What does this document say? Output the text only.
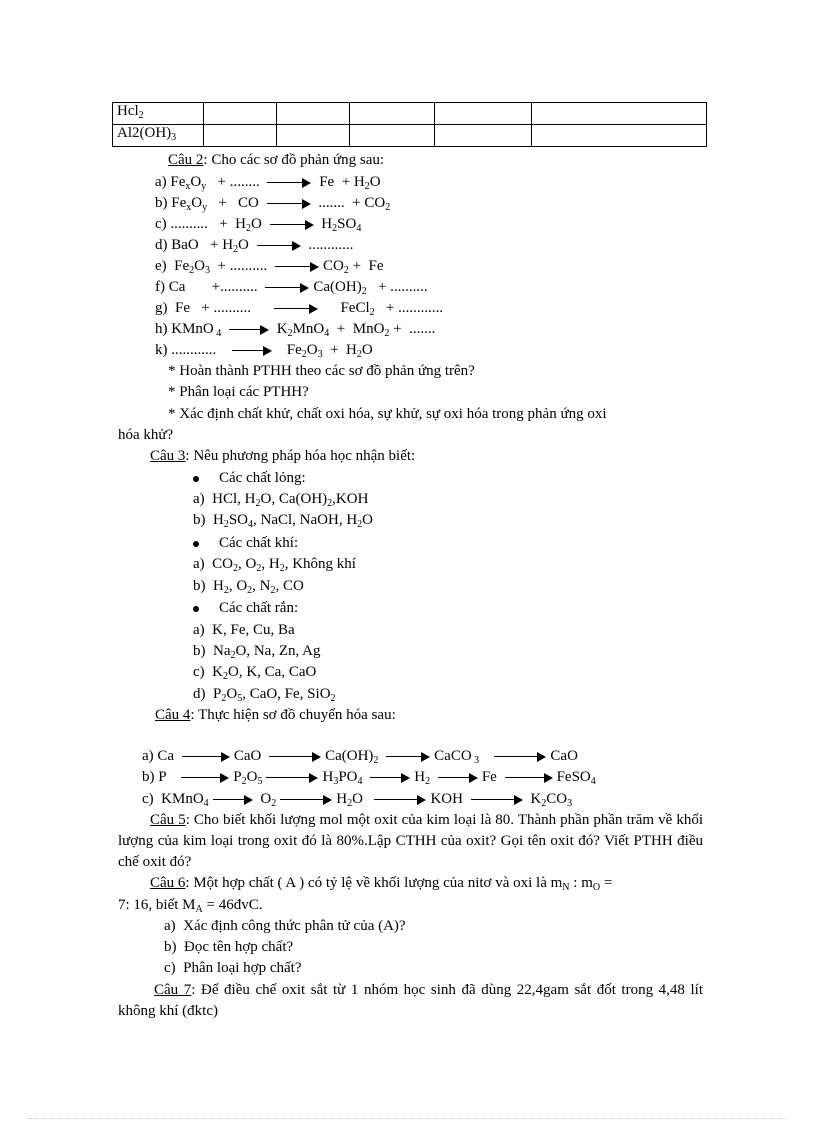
Hcl$_2$					
$Al2(OH)_3$					
Câu 2: Cho các sơ đồ phản ứng sau:
a) $Fe_xO_y$   + ........	$Fe + H_2O$
b) $Fe_xO_y$   +   CO	.......  + $CO_2$
c) ..........   +  $H_2O$	$H_2SO_4$
d) BaO   + $H_2O$	............
e)  $Fe_2O_3$  + ..........	$CO_2 + Fe$
f) Ca       +..........	$Ca(OH)_2$   + ..........
g)  Fe   + ..........	FeCl$_2$   + ............
h) KMnO $_4$	$K_2MnO_4 + MnO_2$ +  .......
k) ............	$Fe_2O_3 + H_2O$
* Hoàn thành PTHH theo các sơ đồ phản ứng trên?
* Phân loại các PTHH?
* Xác định chất khử, chất oxi hóa, sự khử, sự oxi hóa trong phản ứng oxi
hóa khử?
Câu 3: Nêu phương pháp hóa học nhận biết:
Các chất lỏng:
a)  HCl, $H_2O$, $Ca(OH)_2,KOH$
b)  $H_2SO_4$, NaCl, NaOH, $H_2O$
Các chất khí:
a)  $CO_2$, $O_2$, $H_2$, Không khí
b)  $H_2$, $O_2$, $N_2$, CO
Các chất rắn:
a)  K, Fe, Cu, Ba
b)  $Na_2O$, Na, Zn, Ag
c)  $K_2O$, K, Ca, CaO
d)  $P_2O_5$, CaO, Fe, SiO$_2$
Câu 4: Thực hiện sơ đồ chuyển hóa sau:
a) Ca	CaO	$Ca(OH)_2$	CaCO $_3$	CaO
b) P	$P_2O_5$	$H_3PO_4$	$H_2$	Fe	FeSO$_4$
c)  KMnO$_4$	$O_2$	$H_2O$	KOH	$K_2CO_3$
Câu 5: Cho biết khối lượng mol một oxit của kim loại là 80. Thành phần phần trăm về khối lượng của kim loại trong oxit đó là 80%.Lập CTHH của oxit? Gọi tên oxit đó? Viết PTHH điều chế oxit đó?
Câu 6: Một hợp chất ( A ) có tỷ lệ về khối lượng của nitơ và oxi là $m_N$ : $m_O$ =
7: 16, biết $M_A$ = 46đvC.
a)  Xác định công thức phân tử của (A)?
b)  Đọc tên hợp chất?
c)  Phân loại hợp chất?
Câu 7: Để điều chế oxit sắt từ 1 nhóm học sinh đã dùng 22,4gam sắt đốt trong 4,48 lít không khí (đktc)
